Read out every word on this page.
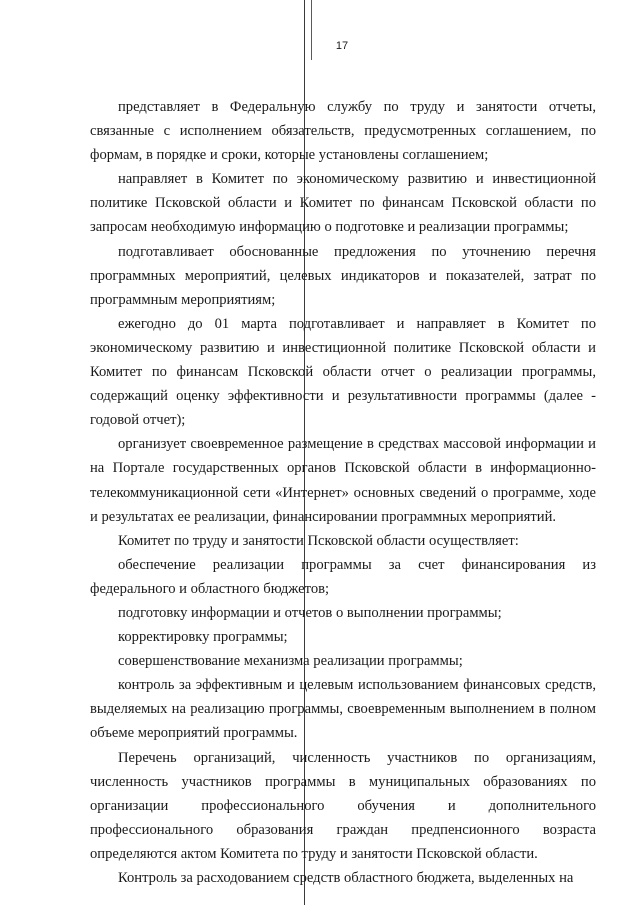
17

представляет в Федеральную службу по труду и занятости отчеты, связанные с исполнением обязательств, предусмотренных соглашением, по формам, в порядке и сроки, которые установлены соглашением;

направляет в Комитет по экономическому развитию и инвестиционной политике Псковской области и Комитет по финансам Псковской области по запросам необходимую информацию о подготовке и реализации программы;

подготавливает обоснованные предложения по уточнению перечня программных мероприятий, целевых индикаторов и показателей, затрат по программным мероприятиям;

ежегодно до 01 марта подготавливает и направляет в Комитет по экономическому развитию и инвестиционной политике Псковской области и Комитет по финансам Псковской области отчет о реализации программы, содержащий оценку эффективности и результативности программы (далее - годовой отчет);

организует своевременное размещение в средствах массовой информации и на Портале государственных органов Псковской области в информационно-телекоммуникационной сети «Интернет» основных сведений о программе, ходе и результатах ее реализации, финансировании программных мероприятий.

Комитет по труду и занятости Псковской области осуществляет:

обеспечение реализации программы за счет финансирования из федерального и областного бюджетов;

подготовку информации и отчетов о выполнении программы;

корректировку программы;

совершенствование механизма реализации программы;

контроль за эффективным и целевым использованием финансовых средств, выделяемых на реализацию программы, своевременным выполнением в полном объеме мероприятий программы.

Перечень организаций, численность участников по организациям, численность участников программы в муниципальных образованиях по организации профессионального обучения и дополнительного профессионального образования граждан предпенсионного возраста определяются актом Комитета по труду и занятости Псковской области.

Контроль за расходованием средств областного бюджета, выделенных на
